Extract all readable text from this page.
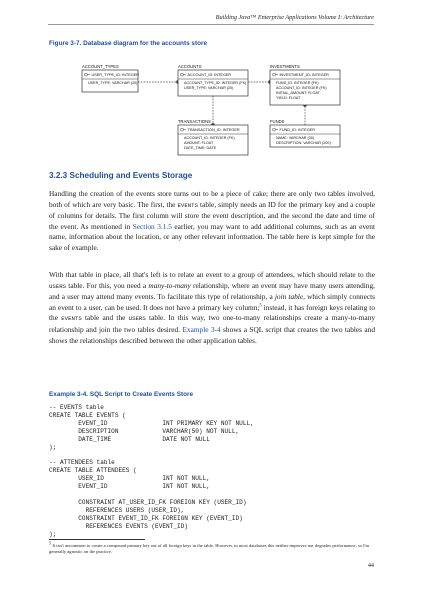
Building Java™ Enterprise Applications Volume I: Architecture
Figure 3-7. Database diagram for the accounts store
ACCOUNT_TYPES
USER_TYPE_ID: INTEGER
USER_TYPE: VARCHAR (20)
ACCOUNTS
ACCOUNT_ID: INTEGER
ACCOUNT_TYPE_ID: INTEGER (FK)
USER_TYPE: VARCHAR (20)
INVESTMENTS
INVESTMENT_ID: INTEGER
FUND_ID: INTEGER (FK)
ACCOUNT_ID: INTEGER (FK)
INITIAL_AMOUNT: FLOAT
YIELD: FLOAT
TRANSACTIONS
TRANSACTION_ID: INTEGER
ACCOUNT_ID: INTEGER (FK)
AMOUNT: FLOAT
DATE_TIME: DATE
FUNDS
FUND_ID: INTEGER
NAME: VARCHAR (30)
DESCRIPTION: VARCHAR (200)
3.2.3 Scheduling and Events Storage

Handling the creation of the events store turns out to be a piece of cake; there are only two tables involved, both of which are very basic. The first, the EVENTS table, simply needs an ID for the primary key and a couple of columns for details. The first column will store the event description, and the second the date and time of the event. As mentioned in Section 3.1.5 earlier, you may want to add additional columns, such as an event name, information about the location, or any other relevant information. The table here is kept simple for the sake of example.

With that table in place, all that's left is to relate an event to a group of attendees, which should relate to the USERS table. For this, you need a many-to-many relationship, where an event may have many users attending, and a user may attend many events. To facilitate this type of relationship, a join table, which simply connects an event to a user, can be used. It does not have a primary key column;$^5$ instead, it has foreign keys relating to the EVENTS table and the USERS table. In this way, two one-to-many relationships create a many-to-many relationship and join the two tables desired. Example 3-4 shows a SQL script that creates the two tables and shows the relationships described between the other application tables.

Example 3-4. SQL Script to Create Events Store
-- EVENTS table
CREATE TABLE EVENTS (
EVENT_ID               INT PRIMARY KEY NOT NULL,
DESCRIPTION            VARCHAR(50) NOT NULL,
DATE_TIME              DATE NOT NULL
);

-- ATTENDEES table
CREATE TABLE ATTENDEES (
USER_ID                INT NOT NULL,
EVENT_ID               INT NOT NULL,

CONSTRAINT AT_USER_ID_FK FOREIGN KEY (USER_ID)
REFERENCES USERS (USER_ID),
CONSTRAINT EVENT_ID_FK FOREIGN KEY (EVENT_ID)
REFERENCES EVENTS (EVENT_ID)
);

$^5$ It isn't uncommon to create a compound primary key out of all foreign keys in the table. However, in most databases this neither improves nor degrades performance, so I'm generally agnostic on the practice.

44
